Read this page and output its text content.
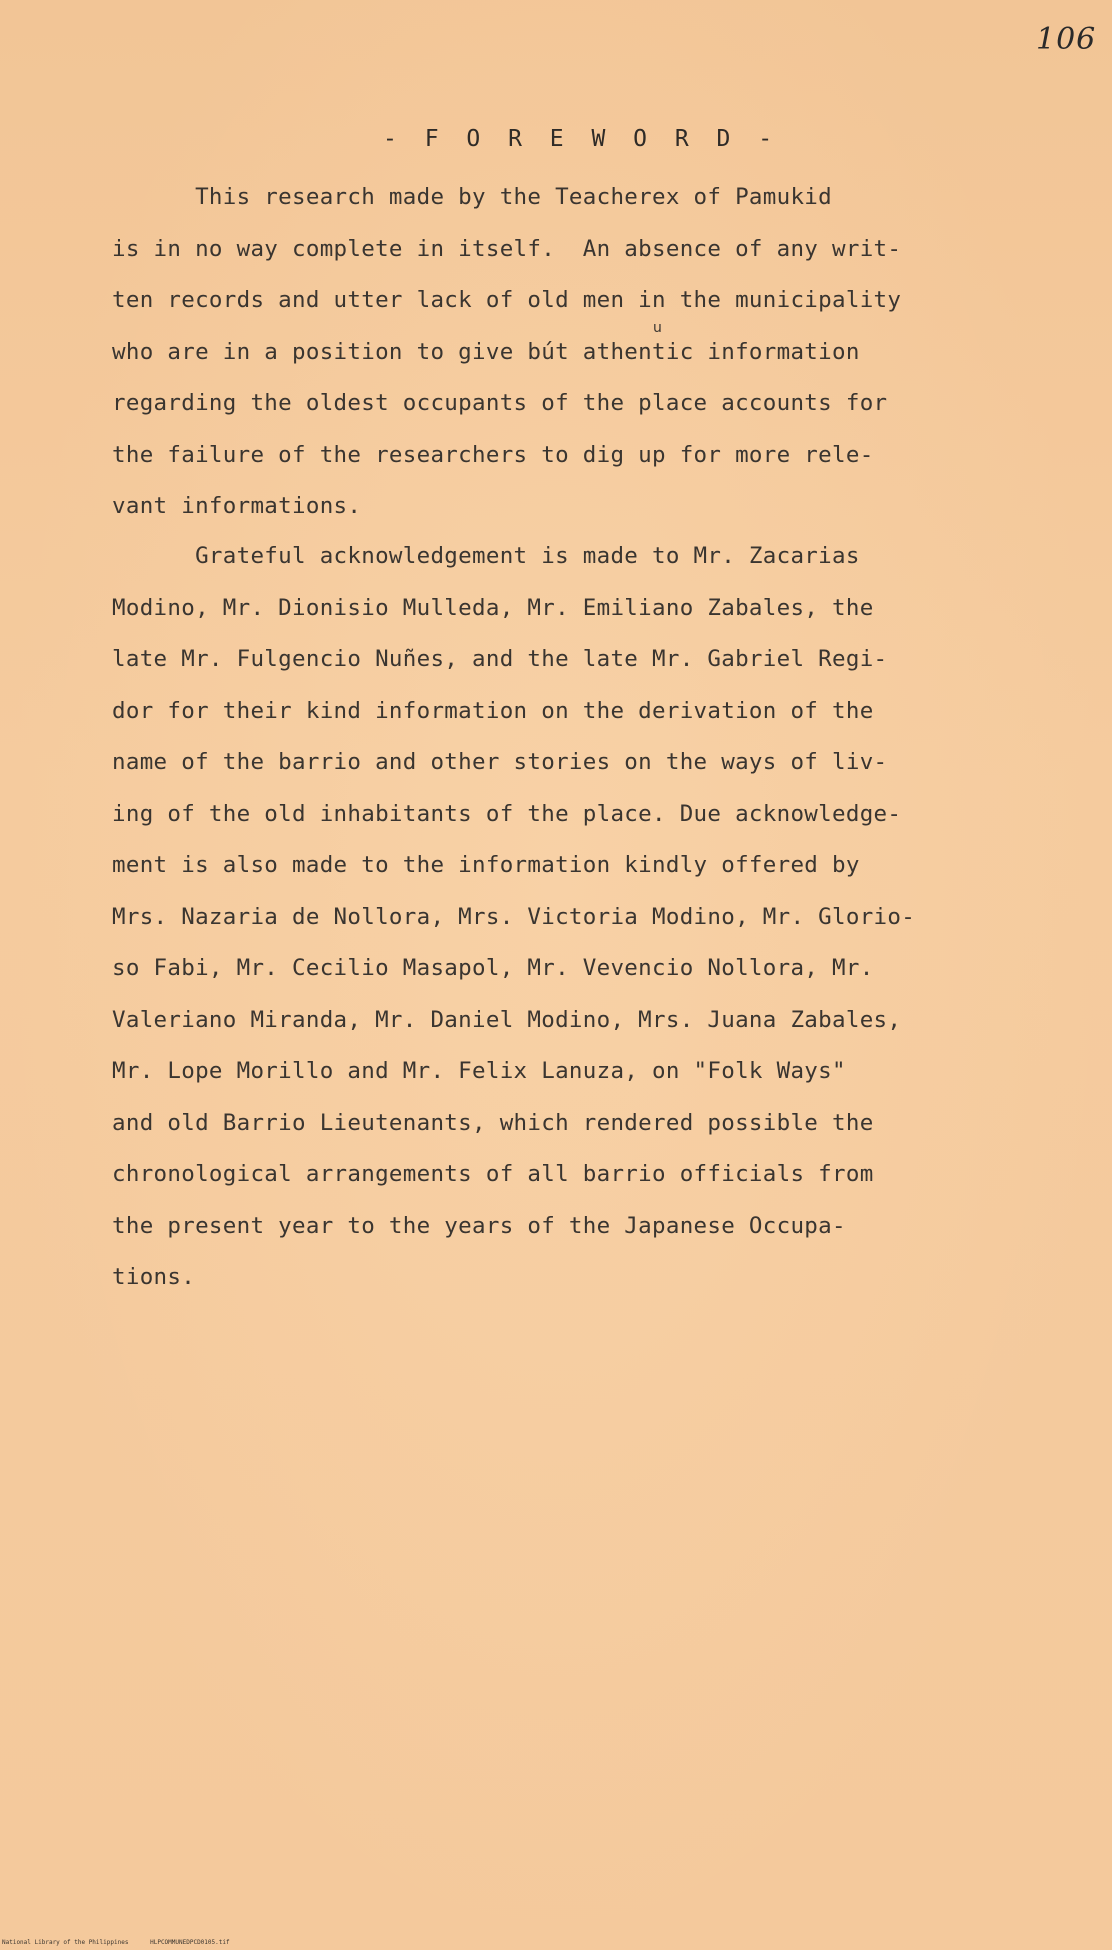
106
- F O R E W O R D -
This research made by the Teacherex of Pamukid
is in no way complete in itself.  An absence of any writ-
ten records and utter lack of old men in the municipality
who are in a position to give bút athentic information
regarding the oldest occupants of the place accounts for
the failure of the researchers to dig up for more rele-
vant informations.
u
Grateful acknowledgement is made to Mr. Zacarias
Modino, Mr. Dionisio Mulleda, Mr. Emiliano Zabales, the
late Mr. Fulgencio Nuñes, and the late Mr. Gabriel Regi-
dor for their kind information on the derivation of the
name of the barrio and other stories on the ways of liv-
ing of the old inhabitants of the place. Due acknowledge-
ment is also made to the information kindly offered by
Mrs. Nazaria de Nollora, Mrs. Victoria Modino, Mr. Glorio-
so Fabi, Mr. Cecilio Masapol, Mr. Vevencio Nollora, Mr.
Valeriano Miranda, Mr. Daniel Modino, Mrs. Juana Zabales,
Mr. Lope Morillo and Mr. Felix Lanuza, on "Folk Ways"
and old Barrio Lieutenants, which rendered possible the
chronological arrangements of all barrio officials from
the present year to the years of the Japanese Occupa-
tions.
National Library of the Philippines      HLPCOMMUNEDPCD0105.tif
